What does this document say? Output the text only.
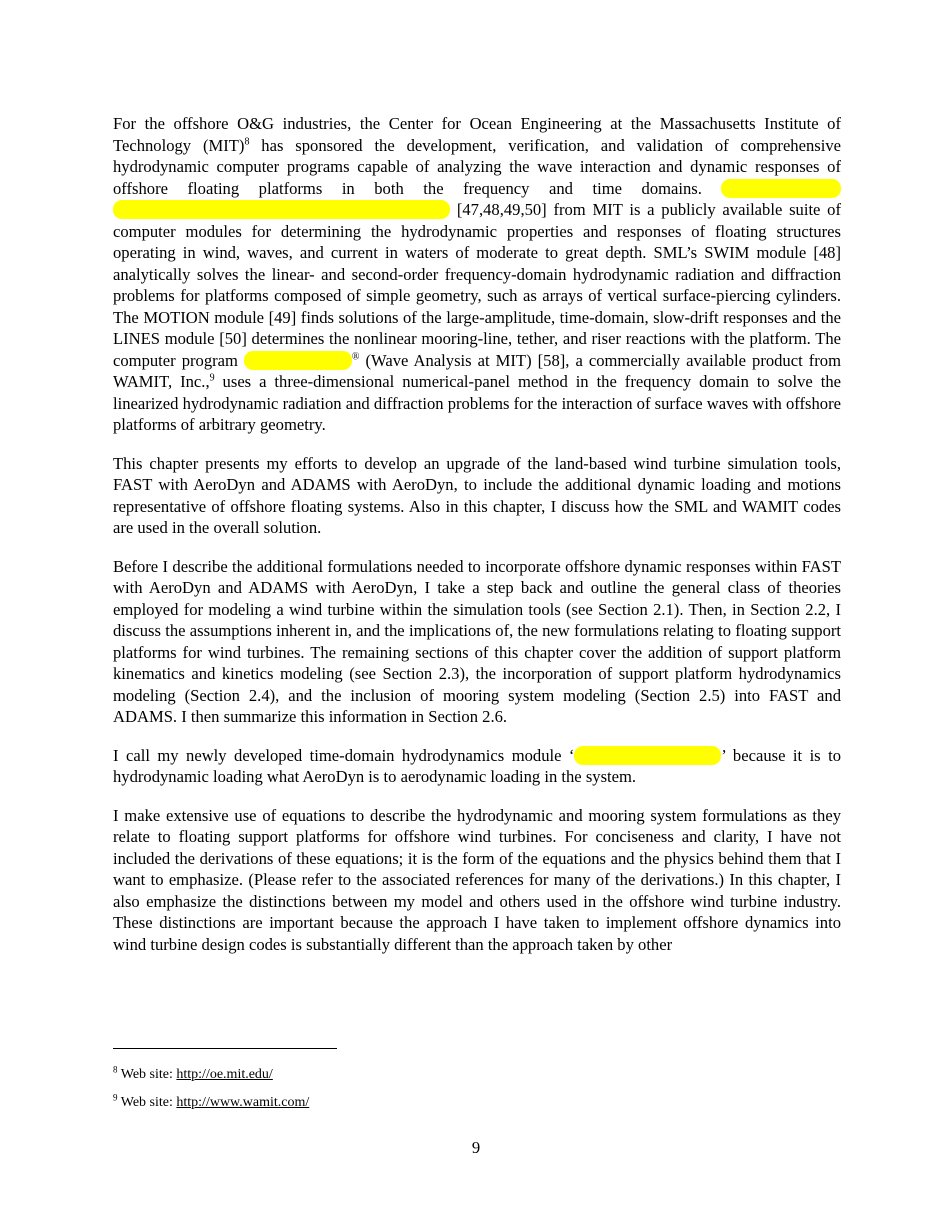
For the offshore O&G industries, the Center for Ocean Engineering at the Massachusetts Institute of Technology (MIT)$^8$ has sponsored the development, verification, and validation of comprehensive hydrodynamic computer programs capable of analyzing the wave interaction and dynamic responses of offshore floating platforms in both the frequency and time domains. [47,48,49,50] from MIT is a publicly available suite of computer modules for determining the hydrodynamic properties and responses of floating structures operating in wind, waves, and current in waters of moderate to great depth. SML’s SWIM module [48] analytically solves the linear- and second-order frequency-domain hydrodynamic radiation and diffraction problems for platforms composed of simple geometry, such as arrays of vertical surface-piercing cylinders. The MOTION module [49] finds solutions of the large-amplitude, time-domain, slow-drift responses and the LINES module [50] determines the nonlinear mooring-line, tether, and riser reactions with the platform. The computer program	® (Wave Analysis at MIT) [58], a commercially available product from WAMIT, Inc.,$^9$ uses a three-dimensional numerical-panel method in the frequency domain to solve the linearized hydrodynamic radiation and diffraction problems for the interaction of surface waves with offshore platforms of arbitrary geometry.

This chapter presents my efforts to develop an upgrade of the land-based wind turbine simulation tools, FAST with AeroDyn and ADAMS with AeroDyn, to include the additional dynamic loading and motions representative of offshore floating systems. Also in this chapter, I discuss how the SML and WAMIT codes are used in the overall solution.

Before I describe the additional formulations needed to incorporate offshore dynamic responses within FAST with AeroDyn and ADAMS with AeroDyn, I take a step back and outline the general class of theories employed for modeling a wind turbine within the simulation tools (see Section 2.1). Then, in Section 2.2, I discuss the assumptions inherent in, and the implications of, the new formulations relating to floating support platforms for wind turbines. The remaining sections of this chapter cover the addition of support platform kinematics and kinetics modeling (see Section 2.3), the incorporation of support platform hydrodynamics modeling (Section 2.4), and the inclusion of mooring system modeling (Section 2.5) into FAST and ADAMS. I then summarize this information in Section 2.6.

I call my newly developed time-domain hydrodynamics module ‘	’ because it is to hydrodynamic loading what AeroDyn is to aerodynamic loading in the system.

I make extensive use of equations to describe the hydrodynamic and mooring system formulations as they relate to floating support platforms for offshore wind turbines. For conciseness and clarity, I have not included the derivations of these equations; it is the form of the equations and the physics behind them that I want to emphasize. (Please refer to the associated references for many of the derivations.) In this chapter, I also emphasize the distinctions between my model and others used in the offshore wind turbine industry. These distinctions are important because the approach I have taken to implement offshore dynamics into wind turbine design codes is substantially different than the approach taken by other

$^8$ Web site: http://oe.mit.edu/
$^9$ Web site: http://www.wamit.com/
9
